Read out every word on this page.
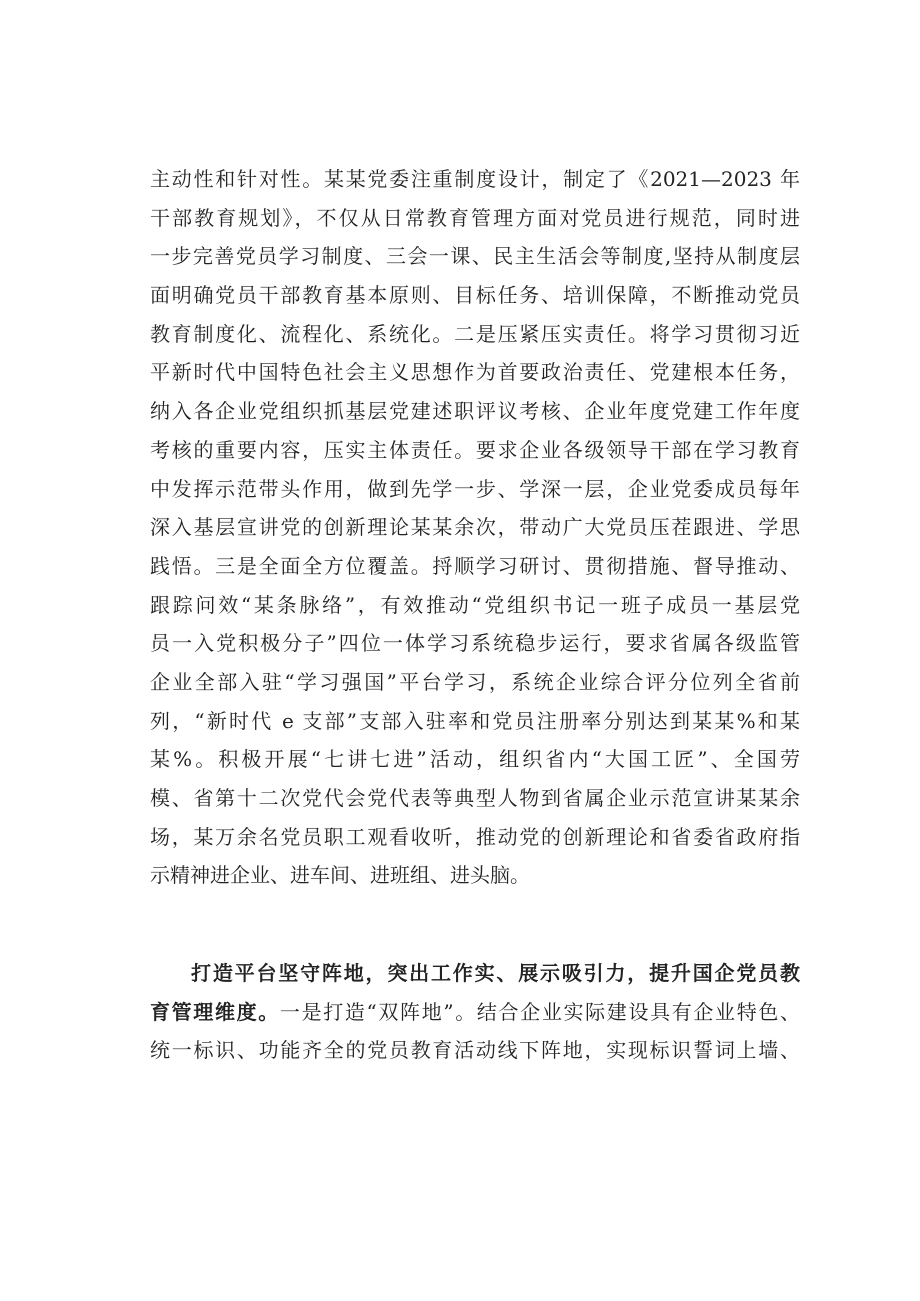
主动性和针对性。某某党委注重制度设计，制定了《2021—2023 年
干部教育规划》，不仅从日常教育管理方面对党员进行规范，同时进
一步完善党员学习制度、三会一课、民主生活会等制度,坚持从制度层
面明确党员干部教育基本原则、目标任务、培训保障，不断推动党员
教育制度化、流程化、系统化。二是压紧压实责任。将学习贯彻习近
平新时代中国特色社会主义思想作为首要政治责任、党建根本任务，
纳入各企业党组织抓基层党建述职评议考核、企业年度党建工作年度
考核的重要内容，压实主体责任。要求企业各级领导干部在学习教育
中发挥示范带头作用，做到先学一步、学深一层，企业党委成员每年
深入基层宣讲党的创新理论某某余次，带动广大党员压茬跟进、学思
践悟。三是全面全方位覆盖。捋顺学习研讨、贯彻措施、督导推动、
跟踪问效“某条脉络”，有效推动“党组织书记一班子成员一基层党
员一入党积极分子”四位一体学习系统稳步运行，要求省属各级监管
企业全部入驻“学习强国”平台学习，系统企业综合评分位列全省前
列，“新时代 e 支部”支部入驻率和党员注册率分别达到某某%和某
某%。积极开展“七讲七进”活动，组织省内“大国工匠”、全国劳
模、省第十二次党代会党代表等典型人物到省属企业示范宣讲某某余
场，某万余名党员职工观看收听，推动党的创新理论和省委省政府指
示精神进企业、进车间、进班组、进头脑。
打造平台坚守阵地，突出工作实、展示吸引力，提升国企党员教
育管理维度。一是打造“双阵地”。结合企业实际建设具有企业特色、
统一标识、功能齐全的党员教育活动线下阵地，实现标识誓词上墙、
